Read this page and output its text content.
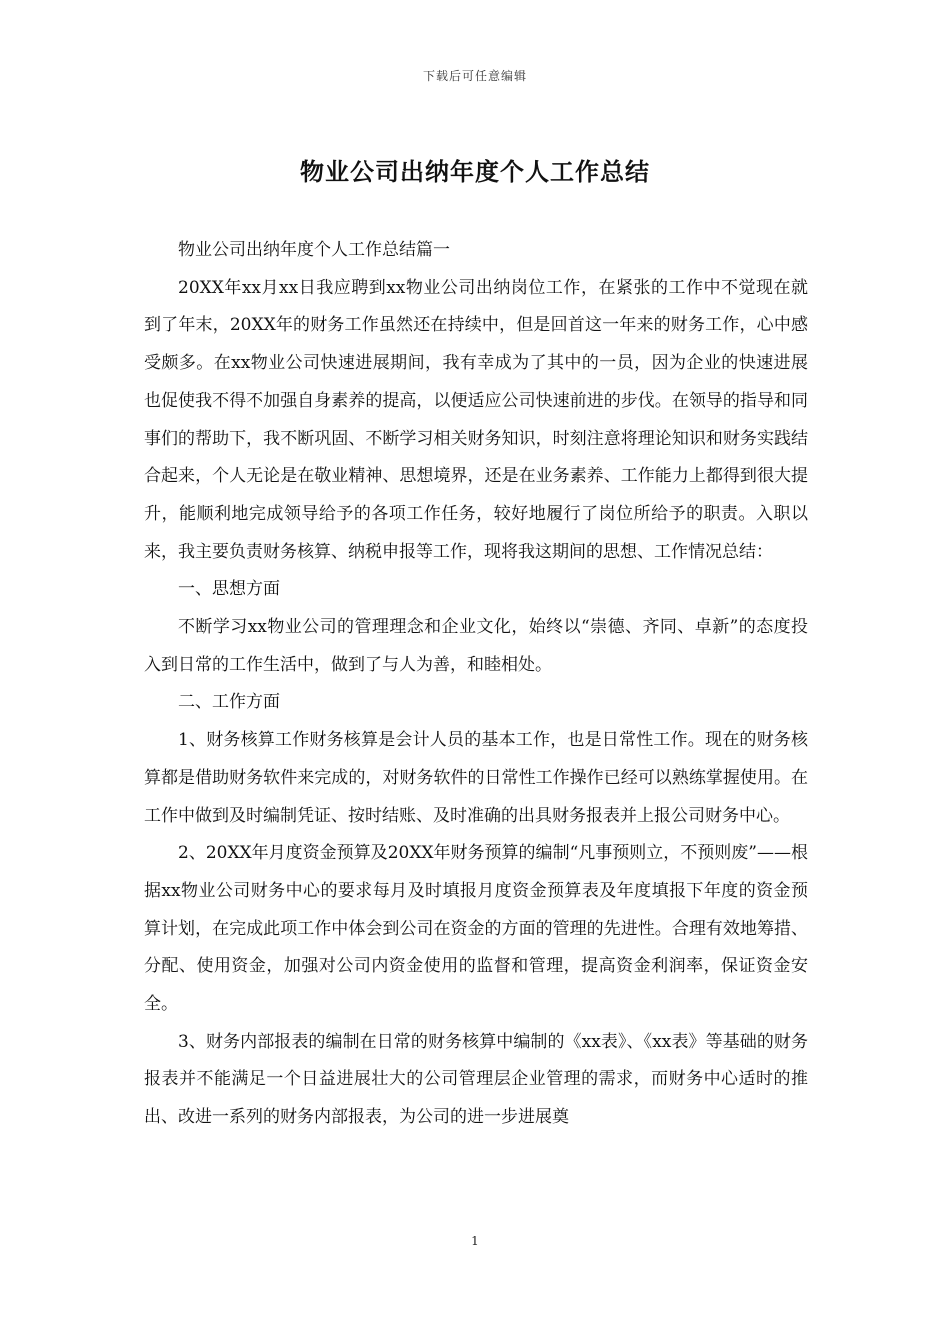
下载后可任意编辑
物业公司出纳年度个人工作总结

物业公司出纳年度个人工作总结篇一

20XX年xx月xx日我应聘到xx物业公司出纳岗位工作，在紧张的工作中不觉现在就到了年末，20XX年的财务工作虽然还在持续中，但是回首这一年来的财务工作，心中感受颇多。在xx物业公司快速进展期间，我有幸成为了其中的一员，因为企业的快速进展也促使我不得不加强自身素养的提高，以便适应公司快速前进的步伐。在领导的指导和同事们的帮助下，我不断巩固、不断学习相关财务知识，时刻注意将理论知识和财务实践结合起来，个人无论是在敬业精神、思想境界，还是在业务素养、工作能力上都得到很大提升，能顺利地完成领导给予的各项工作任务，较好地履行了岗位所给予的职责。入职以来，我主要负责财务核算、纳税申报等工作，现将我这期间的思想、工作情况总结：

一、思想方面

不断学习xx物业公司的管理理念和企业文化，始终以“崇德、齐同、卓新”的态度投入到日常的工作生活中，做到了与人为善，和睦相处。

二、工作方面

1、财务核算工作财务核算是会计人员的基本工作，也是日常性工作。现在的财务核算都是借助财务软件来完成的，对财务软件的日常性工作操作已经可以熟练掌握使用。在工作中做到及时编制凭证、按时结账、及时准确的出具财务报表并上报公司财务中心。

2、20XX年月度资金预算及20XX年财务预算的编制“凡事预则立，不预则废”——根据xx物业公司财务中心的要求每月及时填报月度资金预算表及年度填报下年度的资金预算计划，在完成此项工作中体会到公司在资金的方面的管理的先进性。合理有效地筹措、分配、使用资金，加强对公司内资金使用的监督和管理，提高资金利润率，保证资金安全。

3、财务内部报表的编制在日常的财务核算中编制的《xx表》、《xx表》等基础的财务报表并不能满足一个日益进展壮大的公司管理层企业管理的需求，而财务中心适时的推出、改进一系列的财务内部报表，为公司的进一步进展奠

1
